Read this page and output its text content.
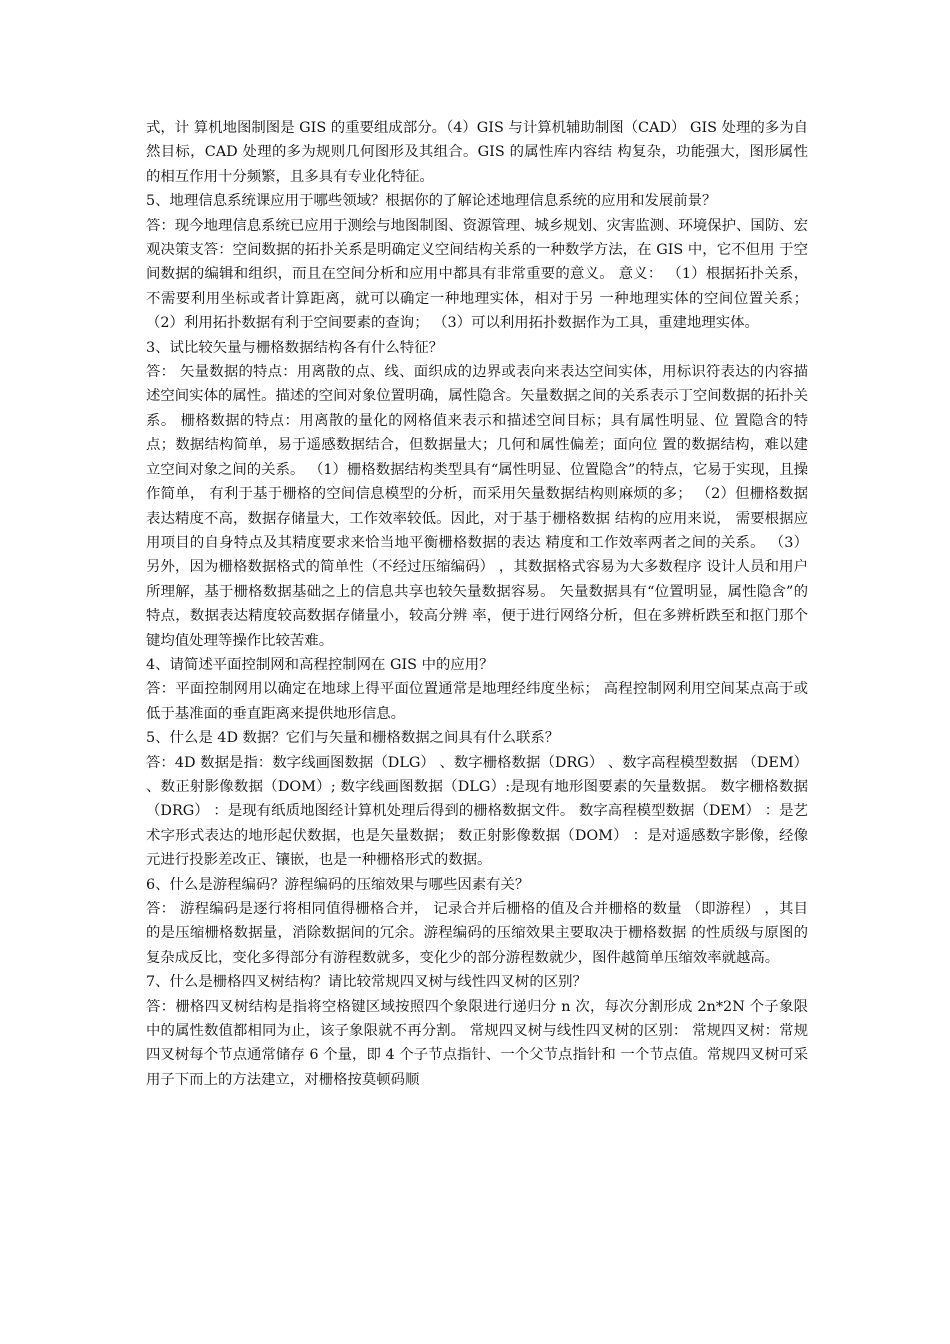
式，计 算机地图制图是 GIS 的重要组成部分。（4）GIS 与计算机辅助制图（CAD） GIS 处理的多为自然目标，CAD 处理的多为规则几何图形及其组合。GIS 的属性库内容结 构复杂，功能强大，图形属性的相互作用十分频繁，且多具有专业化特征。

5、地理信息系统课应用于哪些领域？根据你的了解论述地理信息系统的应用和发展前景？

答：现今地理信息系统已应用于测绘与地图制图、资源管理、城乡规划、灾害监测、环境保护、国防、宏观决策支答：空间数据的拓扑关系是明确定义空间结构关系的一种数学方法，在 GIS 中，它不但用 于空间数据的编辑和组织，而且在空间分析和应用中都具有非常重要的意义。 意义： （1）根据拓扑关系，不需要利用坐标或者计算距离，就可以确定一种地理实体，相对于另 一种地理实体的空间位置关系； （2）利用拓扑数据有利于空间要素的查询； （3）可以利用拓扑数据作为工具，重建地理实体。

3、试比较矢量与栅格数据结构各有什么特征？

答： 矢量数据的特点：用离散的点、线、面织成的边界或表向来表达空间实体，用标识符表达的内容描述空间实体的属性。描述的空间对象位置明确，属性隐含。矢量数据之间的关系表示丁空间数据的拓扑关系。 栅格数据的特点：用离散的量化的网格值来表示和描述空间目标；具有属性明显、位 置隐含的特点；数据结构简单，易于遥感数据结合，但数据量大；几何和属性偏差；面向位 置的数据结构，难以建立空间对象之间的关系。 （1）栅格数据结构类型具有“属性明显、位置隐含”的特点，它易于实现，且操作简单， 有利于基于栅格的空间信息模型的分析，而采用矢量数据结构则麻烦的多； （2）但栅格数据表达精度不高，数据存储量大，工作效率较低。因此，对于基于栅格数据 结构的应用来说， 需要根据应用项目的自身特点及其精度要求来恰当地平衡栅格数据的表达 精度和工作效率两者之间的关系。 （3）另外，因为栅格数据格式的简单性（不经过压缩编码） ，其数据格式容易为大多数程序 设计人员和用户所理解，基于栅格数据基础之上的信息共享也较矢量数据容易。 矢量数据具有“位置明显，属性隐含”的特点，数据表达精度较高数据存储量小，较高分辨 率，便于进行网络分析，但在多辨析跌至和抠门那个键均值处理等操作比较苦难。

4、请简述平面控制网和高程控制网在 GIS 中的应用？

答：平面控制网用以确定在地球上得平面位置通常是地理经纬度坐标； 高程控制网利用空间某点高于或低于基准面的垂直距离来提供地形信息。

5、什么是 4D 数据？它们与矢量和栅格数据之间具有什么联系？

答：4D 数据是指：数字线画图数据（DLG） 、数字栅格数据（DRG） 、数字高程模型数据 （DEM） 、数正射影像数据（DOM）; 数字线画图数据（DLG）:是现有地形图要素的矢量数据。 数字栅格数据（DRG） ：是现有纸质地图经计算机处理后得到的栅格数据文件。 数字高程模型数据（DEM） ：是艺术字形式表达的地形起伏数据，也是矢量数据； 数正射影像数据（DOM） ：是对遥感数字影像，经像元进行投影差改正、镶嵌，也是一种栅格形式的数据。

6、什么是游程编码？游程编码的压缩效果与哪些因素有关？

答： 游程编码是逐行将相同值得栅格合并， 记录合并后栅格的值及合并栅格的数量 （即游程） ，其目的是压缩栅格数据量，消除数据间的冗余。游程编码的压缩效果主要取决于栅格数据 的性质级与原图的复杂成反比，变化多得部分有游程数就多，变化少的部分游程数就少，图件越简单压缩效率就越高。

7、什么是栅格四叉树结构？请比较常规四叉树与线性四叉树的区别？

答：栅格四叉树结构是指将空格键区域按照四个象限进行递归分 n 次，每次分割形成 2n*2N 个子象限中的属性数值都相同为止，该子象限就不再分割。 常规四叉树与线性四叉树的区别： 常规四叉树：常规四叉树每个节点通常储存 6 个量，即 4 个子节点指针、一个父节点指针和 一个节点值。常规四叉树可采用子下而上的方法建立，对栅格按莫顿码顺
